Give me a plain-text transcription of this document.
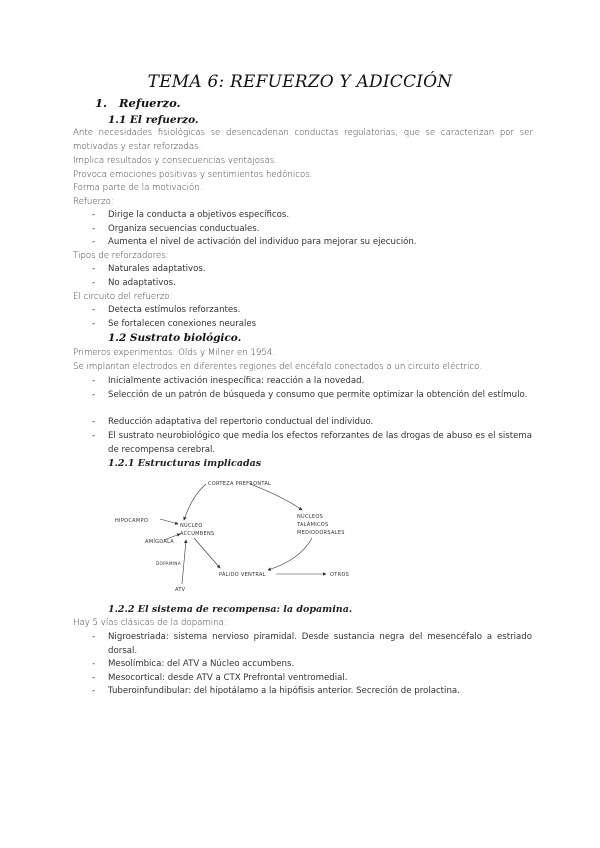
TEMA 6: REFUERZO Y ADICCIÓN
1. Refuerzo.
1.1 El refuerzo.
Ante necesidades fisiológicas se desencadenan conductas regulatorias, que se caracterizan por ser motivadas y estar reforzadas.
Implica resultados y consecuencias ventajosas.
Provoca emociones positivas y sentimientos hedónicos.
Forma parte de la motivación.
Refuerzo:
-	Dirige la conducta a objetivos específicos.
-	Organiza secuencias conductuales.
-	Aumenta el nivel de activación del individuo para mejorar su ejecución.
Tipos de reforzadores:
-	Naturales adaptativos.
-	No adaptativos.
El circuito del refuerzo:
-	Detecta estímulos reforzantes.
-	Se fortalecen conexiones neurales
1.2 Sustrato biológico.
Primeros experimentos: Olds y Milner en 1954.
Se implantan electrodos en diferentes regiones del encéfalo conectados a un circuito eléctrico.
-	Inicialmente activación inespecífica: reacción a la novedad.
-	Selección de un patrón de búsqueda y consumo que permite optimizar la obtención del estímulo.
-	Reducción adaptativa del repertorio conductual del individuo.
-	El sustrato neurobiológico que media los efectos reforzantes de las drogas de abuso es el sistema de recompensa cerebral.
1.2.1 Estructuras implicadas
CORTEZA PREFRONTAL
NÚCLEOS
TALÁMICOS
MEDIODORSALES
HIPOCAMPO
AMÍGDALA
NÚCLEO
ACCUMBENS
DOPAMINA
ATV
PÁLIDO VENTRAL	OTROS
1.2.2 El sistema de recompensa: la dopamina.
Hay 5 vías clásicas de la dopamina:
-	Nigroestriada: sistema nervioso piramidal. Desde sustancia negra del mesencéfalo a estriado dorsal.
-	Mesolímbica: del ATV a Núcleo accumbens.
-	Mesocortical: desde ATV a CTX Prefrontal ventromedial.
-	Tuberoinfundibular: del hipotálamo a la hipófisis anterior. Secreción de prolactina.
